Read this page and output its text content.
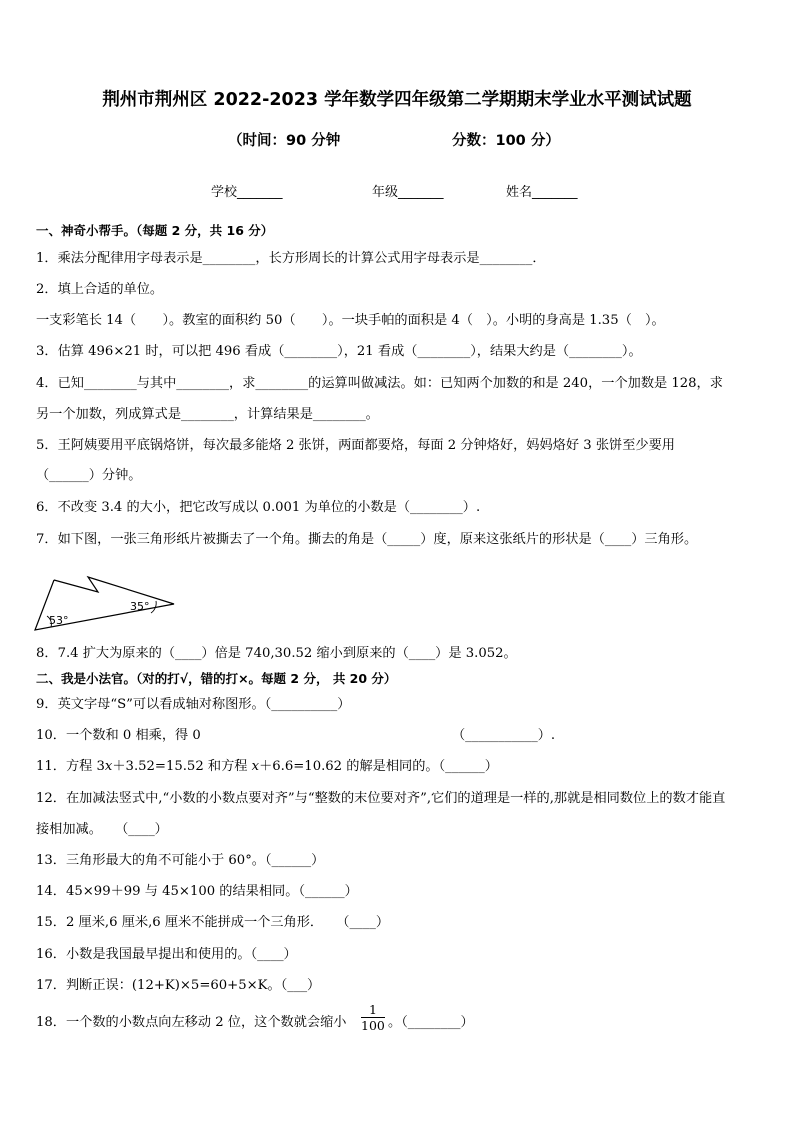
荆州市荆州区 2022-2023 学年数学四年级第二学期期末学业水平测试试题
（时间：90 分钟	分数：100 分）
学校_______	年级_______	姓名_______
一、神奇小帮手。（每题 2 分，共 16 分）
1．乘法分配律用字母表示是________，长方形周长的计算公式用字母表示是________．
2．填上合适的单位。
一支彩笔长 14（　　）。教室的面积约 50（　　）。一块手帕的面积是 4（　）。小明的身高是 1.35（　）。
3．估算 496×21 时，可以把 496 看成（________），21 看成（________），结果大约是（________）。
4．已知________与其中________，求________的运算叫做减法。如：已知两个加数的和是 240，一个加数是 128，求
另一个加数，列成算式是________，计算结果是________。
5．王阿姨要用平底锅烙饼，每次最多能烙 2 张饼，两面都要烙，每面 2 分钟烙好，妈妈烙好 3 张饼至少要用
（______）分钟。
6．不改变 3.4 的大小，把它改写成以 0.001 为单位的小数是（________）.
7．如下图，一张三角形纸片被撕去了一个角。撕去的角是（_____）度，原来这张纸片的形状是（____）三角形。
53°
35°
8．7.4 扩大为原来的（____）倍是 740,30.52 缩小到原来的（____）是 3.052。
二、我是小法官。（对的打√，错的打×。每题 2 分， 共 20 分）
9．英文字母“S”可以看成轴对称图形。（__________）
10．一个数和 0 相乘，得 0	（___________）.
11．方程 3𝑥＋3.52=15.52 和方程 𝑥＋6.6=10.62 的解是相同的。（______）
12．在加减法竖式中,“小数的小数点要对齐”与“整数的末位要对齐”,它们的道理是一样的,那就是相同数位上的数才能直
接相加减。　　（____）
13．三角形最大的角不可能小于 60°。（______）
14．45×99＋99 与 45×100 的结果相同。（______）
15．2 厘米,6 厘米,6 厘米不能拼成一个三角形．　　（____）
16．小数是我国最早提出和使用的。（____）
17．判断正误：(12+K)×5=60+5×K。（___）
18．一个数的小数点向左移动 2 位，这个数就会缩小 $\frac{1}{100}$ 。（________）
